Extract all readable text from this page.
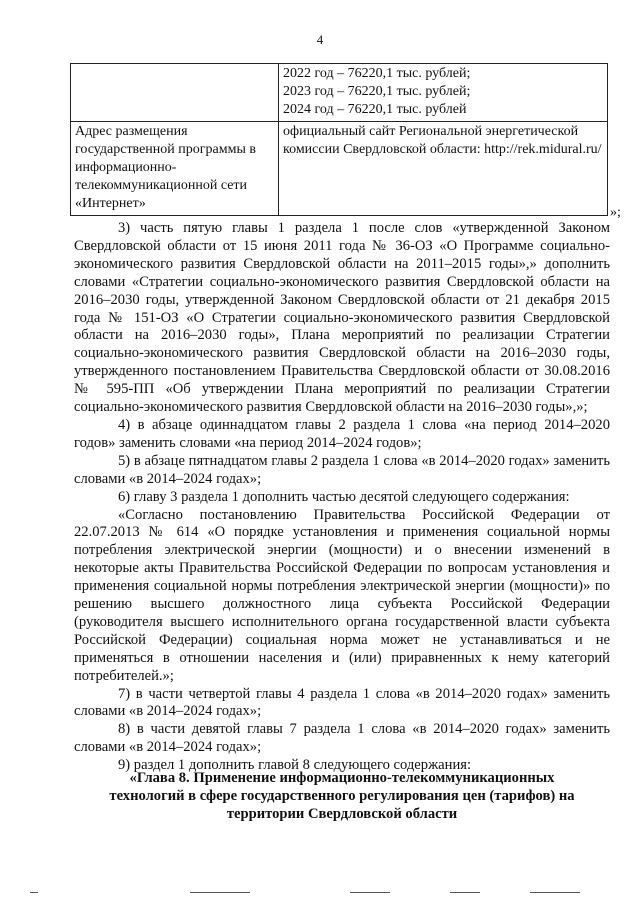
4

	2022 год – 76220,1 тыс. рублей;
2023 год – 76220,1 тыс. рублей;
2024 год – 76220,1 тыс. рублей

Адрес размещения государственной программы в информационно-телекоммуникационной сети «Интернет»	официальный сайт Региональной энергетической комиссии Свердловской области: http://rek.midural.ru/
»;

3) часть пятую главы 1 раздела 1 после слов «утвержденной Законом Свердловской области от 15 июня 2011 года № 36-ОЗ «О Программе социально-экономического развития Свердловской области на 2011–2015 годы»,» дополнить словами «Стратегии социально-экономического развития Свердловской области на 2016–2030 годы, утвержденной Законом Свердловской области от 21 декабря 2015 года № 151-ОЗ «О Стратегии социально-экономического развития Свердловской области на 2016–2030 годы», Плана мероприятий по реализации Стратегии социально-экономического развития Свердловской области на 2016–2030 годы, утвержденного постановлением Правительства Свердловской области от 30.08.2016 № 595-ПП «Об утверждении Плана мероприятий по реализации Стратегии социально-экономического развития Свердловской области на 2016–2030 годы»,»;

4) в абзаце одиннадцатом главы 2 раздела 1 слова «на период 2014–2020 годов» заменить словами «на период 2014–2024 годов»;

5) в абзаце пятнадцатом главы 2 раздела 1 слова «в 2014–2020 годах» заменить словами «в 2014–2024 годах»;

6) главу 3 раздела 1 дополнить частью десятой следующего содержания:

«Согласно постановлению Правительства Российской Федерации от 22.07.2013 № 614 «О порядке установления и применения социальной нормы потребления электрической энергии (мощности) и о внесении изменений в некоторые акты Правительства Российской Федерации по вопросам установления и применения социальной нормы потребления электрической энергии (мощности)» по решению высшего должностного лица субъекта Российской Федерации (руководителя высшего исполнительного органа государственной власти субъекта Российской Федерации) социальная норма может не устанавливаться и не применяться в отношении населения и (или) приравненных к нему категорий потребителей.»;

7) в части четвертой главы 4 раздела 1 слова «в 2014–2020 годах» заменить словами «в 2014–2024 годах»;

8) в части девятой главы 7 раздела 1 слова «в 2014–2020 годах» заменить словами «в 2014–2024 годах»;

9) раздел 1 дополнить главой 8 следующего содержания:

«Глава 8. Применение информационно-телекоммуникационных
технологий в сфере государственного регулирования цен (тарифов) на
территории Свердловской области
